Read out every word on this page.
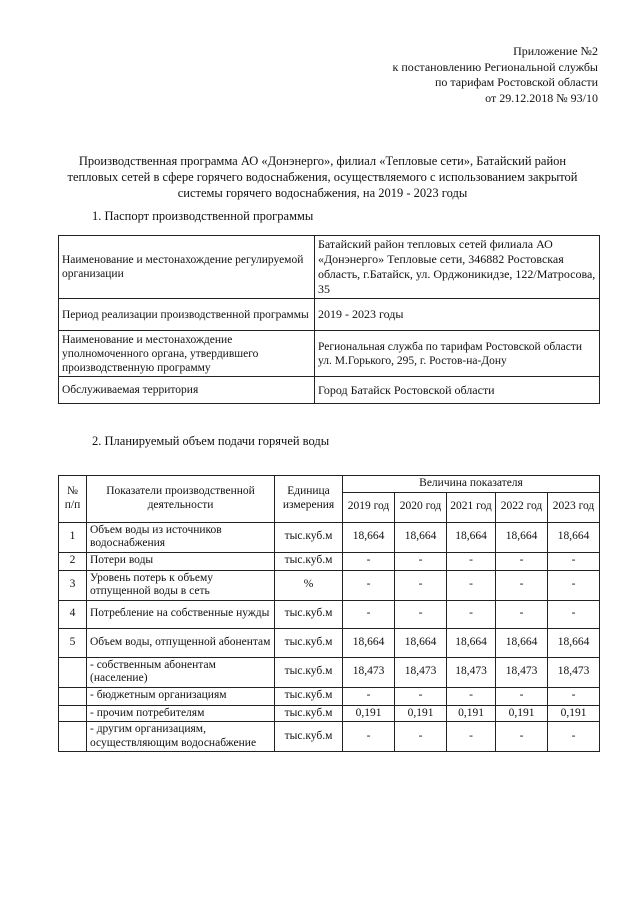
Приложение №2
к постановлению Региональной службы
по тарифам Ростовской области
от 29.12.2018 № 93/10
Производственная программа АО «Донэнерго», филиал «Тепловые сети», Батайский район
тепловых сетей в сфере горячего водоснабжения, осуществляемого с использованием закрытой
системы горячего водоснабжения, на 2019 - 2023 годы
1. Паспорт производственной программы
Наименование и местонахождение регулируемой организации	Батайский район тепловых сетей филиала АО «Донэнерго» Тепловые сети, 346882 Ростовская область, г.Батайск, ул. Орджоникидзе, 122/Матросова, 35
Период реализации производственной программы	2019 - 2023 годы
Наименование и местонахождение уполномоченного органа, утвердившего производственную программу	Региональная служба по тарифам Ростовской области ул. М.Горького, 295, г. Ростов-на-Дону
Обслуживаемая территория	Город Батайск Ростовской области
2. Планируемый объем подачи горячей воды
№ п/п	Показатели производственной деятельности	Единица измерения	Величина показателя				
			2019 год	2020 год	2021 год	2022 год	2023 год
1	Объем воды из источников водоснабжения	тыс.куб.м	18,664	18,664	18,664	18,664	18,664
2	Потери воды	тыс.куб.м	-	-	-	-	-
3	Уровень потерь к объему отпущенной воды в сеть	%	-	-	-	-	-
4	Потребление на собственные нужды	тыс.куб.м	-	-	-	-	-
5	Объем воды, отпущенной абонентам	тыс.куб.м	18,664	18,664	18,664	18,664	18,664
	- собственным абонентам (население)	тыс.куб.м	18,473	18,473	18,473	18,473	18,473
	- бюджетным организациям	тыс.куб.м	-	-	-	-	-
	- прочим потребителям	тыс.куб.м	0,191	0,191	0,191	0,191	0,191
	- другим организациям, осуществляющим водоснабжение	тыс.куб.м	-	-	-	-	-
